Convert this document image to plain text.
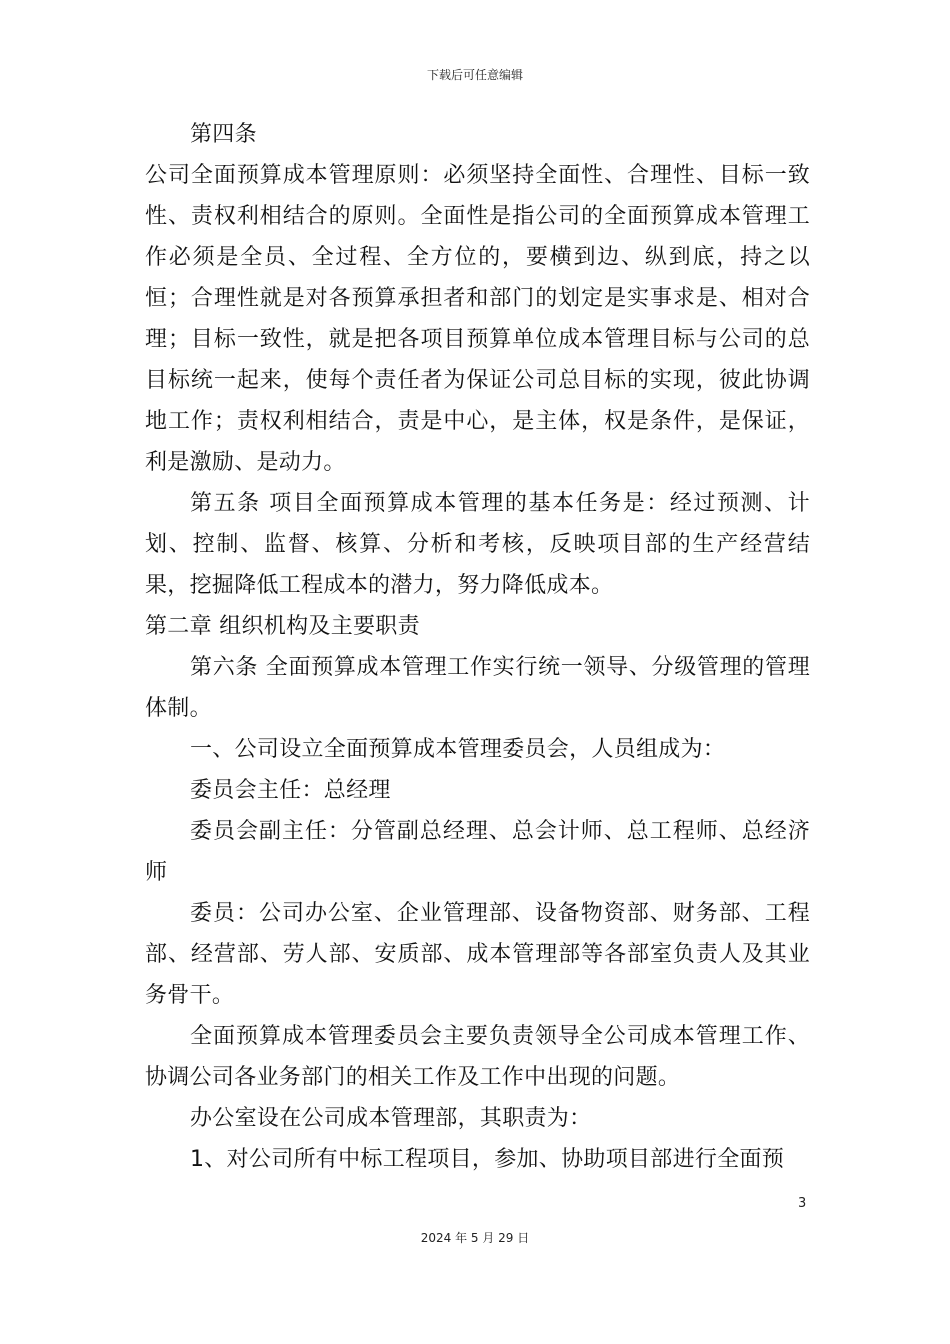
下载后可任意编辑

第四条

公司全面预算成本管理原则：必须坚持全面性、合理性、目标一致性、责权利相结合的原则。全面性是指公司的全面预算成本管理工作必须是全员、全过程、全方位的，要横到边、纵到底，持之以恒；合理性就是对各预算承担者和部门的划定是实事求是、相对合理；目标一致性，就是把各项目预算单位成本管理目标与公司的总目标统一起来，使每个责任者为保证公司总目标的实现，彼此协调地工作；责权利相结合，责是中心，是主体，权是条件，是保证，利是激励、是动力。

第五条 项目全面预算成本管理的基本任务是：经过预测、计划、控制、监督、核算、分析和考核，反映项目部的生产经营结果，挖掘降低工程成本的潜力，努力降低成本。

第二章 组织机构及主要职责

第六条 全面预算成本管理工作实行统一领导、分级管理的管理体制。

一、公司设立全面预算成本管理委员会，人员组成为：

委员会主任：总经理

委员会副主任：分管副总经理、总会计师、总工程师、总经济师

委员：公司办公室、企业管理部、设备物资部、财务部、工程部、经营部、劳人部、安质部、成本管理部等各部室负责人及其业务骨干。

全面预算成本管理委员会主要负责领导全公司成本管理工作、协调公司各业务部门的相关工作及工作中出现的问题。

办公室设在公司成本管理部，其职责为：

1、对公司所有中标工程项目，参加、协助项目部进行全面预

3
2024 年 5 月 29 日
